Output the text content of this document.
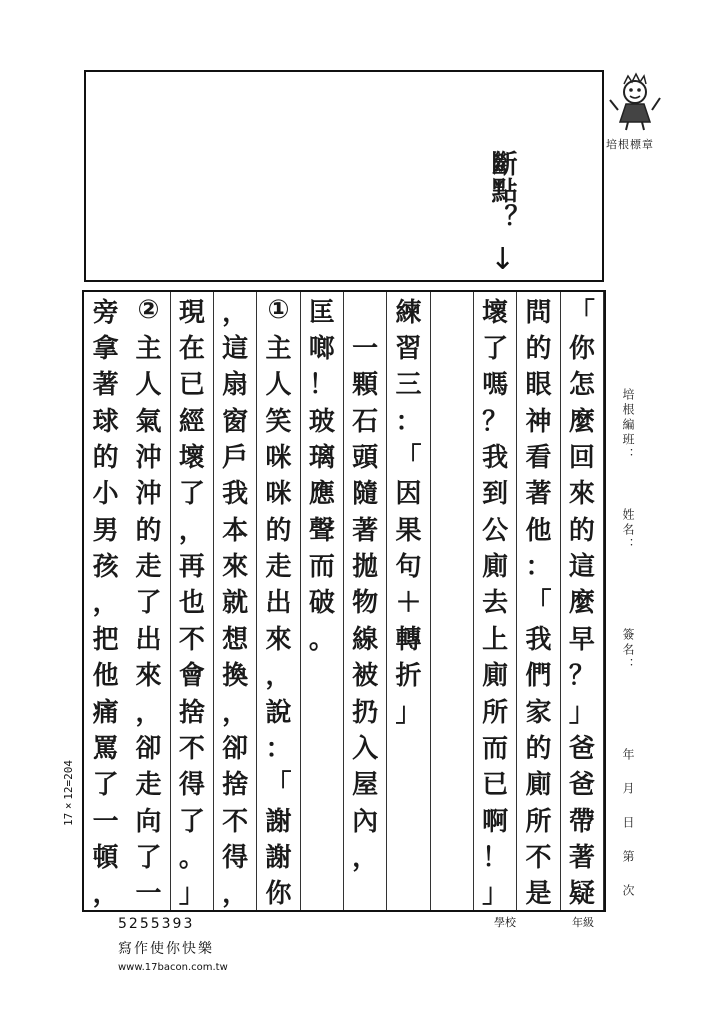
斷點？
↓
培根標章
培根編班：
姓名：
簽名：
年月日第次
學校	年級
17×12=204
「
你
怎
麼
回
來
的
這
麼
早
？
」
爸
爸
帶
著
疑
問
的
眼
神
看
著
他
：
「
我
們
家
的
廁
所
不
是
壞
了
嗎
？
我
到
公
廁
去
上
廁
所
而
已
啊
！
」
練
習
三
：
「
因
果
句
＋
轉
折
」

一
顆
石
頭
隨
著
拋
物
線
被
扔
入
屋
內
，
匡
啷
！
玻
璃
應
聲
而
破
。
①
主
人
笑
咪
咪
的
走
出
來
，
說
：
「
謝
謝
你
，
這
扇
窗
戶
我
本
來
就
想
換
，
卻
捨
不
得
，
現
在
已
經
壞
了
，
再
也
不
會
捨
不
得
了
。
」
②
主
人
氣
沖
沖
的
走
了
出
來
，
卻
走
向
了
一
旁
拿
著
球
的
小
男
孩
，
把
他
痛
罵
了
一
頓
，
5255393
寫作使你快樂
www.17bacon.com.tw
